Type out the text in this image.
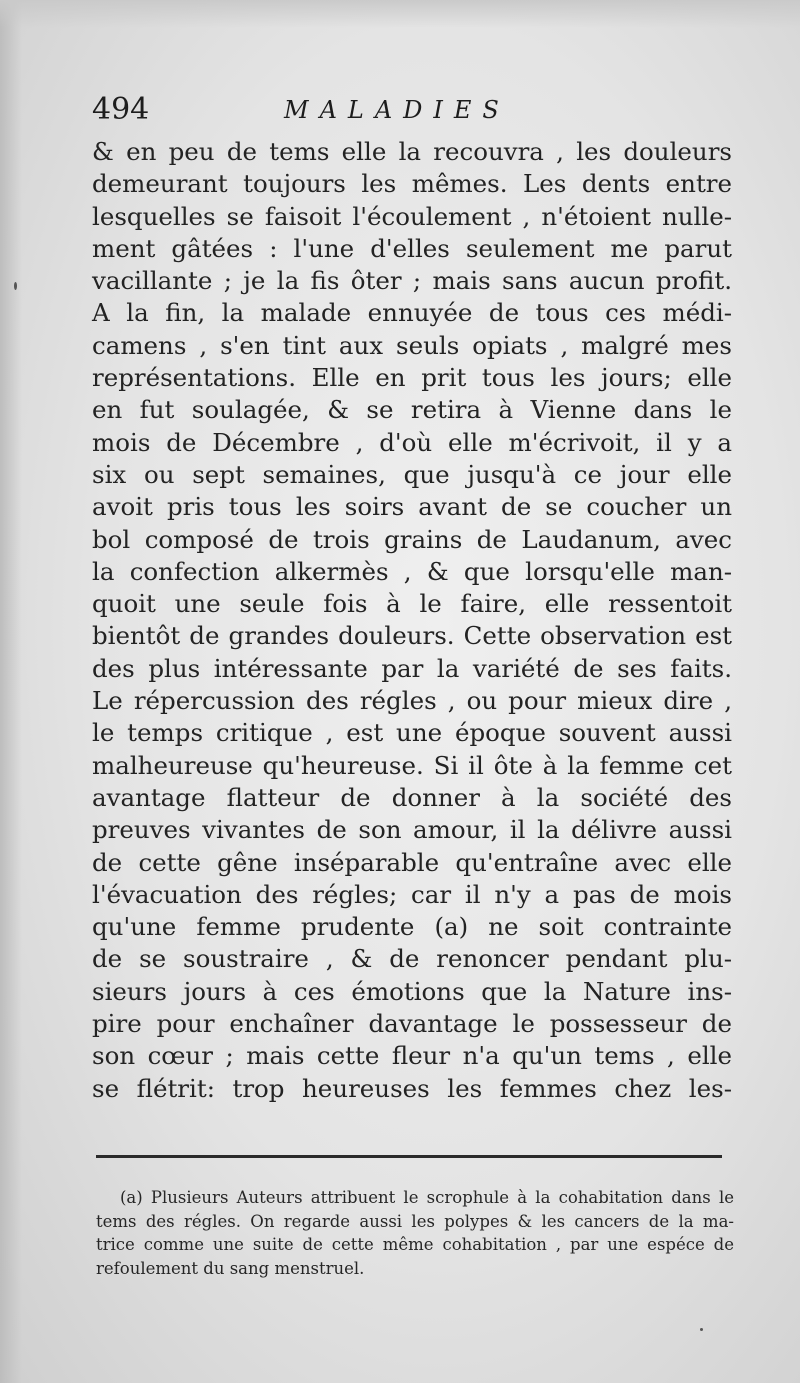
494	MALADIES
& en peu de tems elle la recouvra , les douleurs
demeurant toujours les mêmes. Les dents entre
lesquelles se faisoit l'écoulement , n'étoient nulle-
ment gâtées : l'une d'elles seulement me parut
vacillante ; je la fis ôter ; mais sans aucun profit.
A la fin, la malade ennuyée de tous ces médi-
camens , s'en tint aux seuls opiats , malgré mes
représentations. Elle en prit tous les jours; elle
en fut soulagée, & se retira à Vienne dans le
mois de Décembre , d'où elle m'écrivoit, il y a
six ou sept semaines, que jusqu'à ce jour elle
avoit pris tous les soirs avant de se coucher un
bol composé de trois grains de Laudanum, avec
la confection alkermès , & que lorsqu'elle man-
quoit une seule fois à le faire, elle ressentoit
bientôt de grandes douleurs. Cette observation est
des plus intéressante par la variété de ses faits.
Le répercussion des régles , ou pour mieux dire ,
le temps critique , est une époque souvent aussi
malheureuse qu'heureuse. Si il ôte à la femme cet
avantage flatteur de donner à la société des
preuves vivantes de son amour, il la délivre aussi
de cette gêne inséparable qu'entraîne avec elle
l'évacuation des régles; car il n'y a pas de mois
qu'une femme prudente (a) ne soit contrainte
de se soustraire , & de renoncer pendant plu-
sieurs jours à ces émotions que la Nature ins-
pire pour enchaîner davantage le possesseur de
son cœur ; mais cette fleur n'a qu'un tems , elle
se flétrit: trop heureuses les femmes chez les-
(a) Plusieurs Auteurs attribuent le scrophule à la cohabitation dans le
tems des régles. On regarde aussi les polypes & les cancers de la ma-
trice comme une suite de cette même cohabitation , par une espéce de
refoulement du sang menstruel.
